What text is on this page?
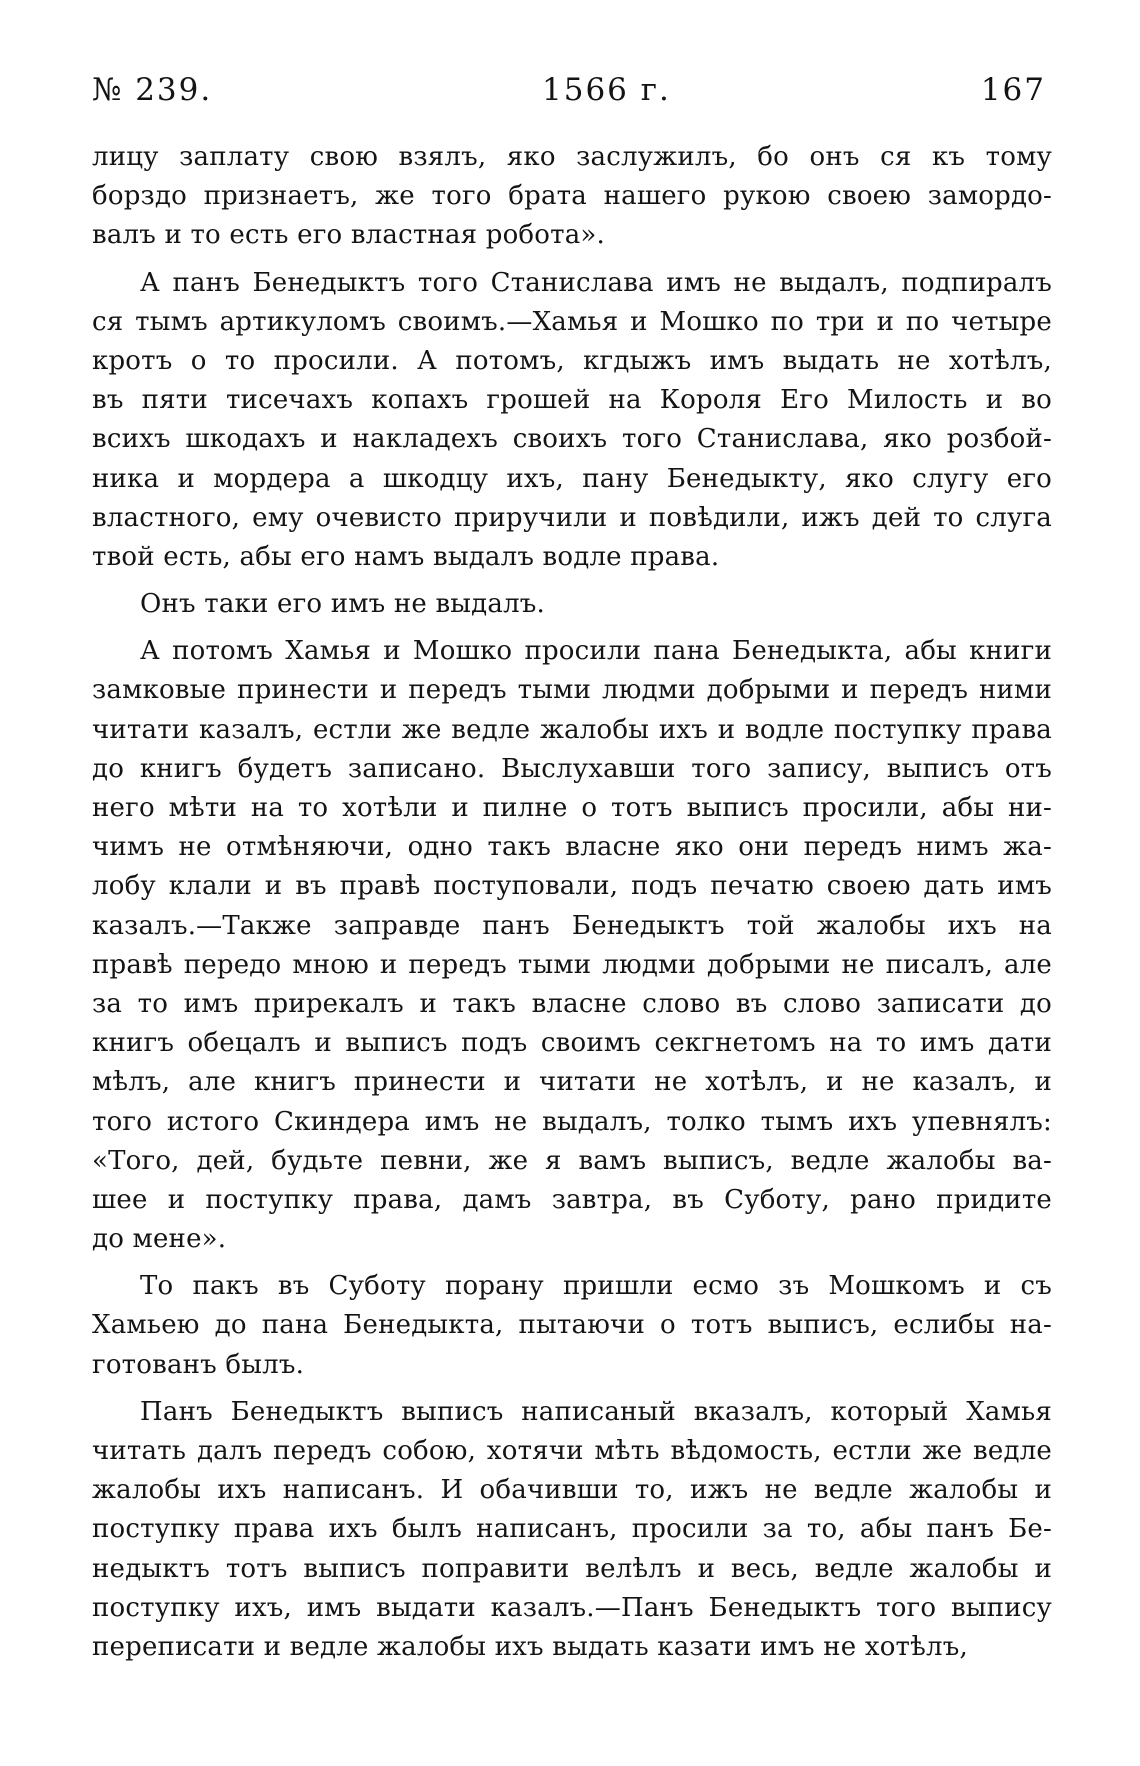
№ 239.	1566 г.	167
лицу заплату свою взялъ, яко заслужилъ, бо онъ ся къ тому
борздо признаетъ, же того брата нашего рукою своею замордо-
валъ и то есть его властная робота».
А панъ Бенедыктъ того Станислава имъ не выдалъ, подпиралъ
ся тымъ артикуломъ своимъ.—Хамья и Мошко по три и по четыре
кротъ о то просили. А потомъ, кгдыжъ имъ выдать не хотѣлъ,
въ пяти тисечахъ копахъ грошей на Короля Его Милость и во
всихъ шкодахъ и накладехъ своихъ того Станислава, яко розбой-
ника и мордера а шкодцу ихъ, пану Бенедыкту, яко слугу его
властного, ему очевисто приручили и повѣдили, ижъ дей то слуга
твой есть, абы его намъ выдалъ водле права.
Онъ таки его имъ не выдалъ.
А потомъ Хамья и Мошко просили пана Бенедыкта, абы книги
замковые принести и передъ тыми людми добрыми и передъ ними
читати казалъ, естли же ведле жалобы ихъ и водле поступку права
до книгъ будетъ записано. Выслухавши того запису, выписъ отъ
него мѣти на то хотѣли и пилне о тотъ выписъ просили, абы ни-
чимъ не отмѣняючи, одно такъ власне яко они передъ нимъ жа-
лобу клали и въ правѣ поступовали, подъ печатю своею дать имъ
казалъ.—Также заправде панъ Бенедыктъ той жалобы ихъ на
правѣ передо мною и передъ тыми людми добрыми не писалъ, але
за то имъ прирекалъ и такъ власне слово въ слово записати до
книгъ обецалъ и выписъ подъ своимъ секгнетомъ на то имъ дати
мѣлъ, але книгъ принести и читати не хотѣлъ, и не казалъ, и
того истого Скиндера имъ не выдалъ, толко тымъ ихъ упевнялъ:
«Того, дей, будьте певни, же я вамъ выписъ, ведле жалобы ва-
шее и поступку права, дамъ завтра, въ Суботу, рано придите
до мене».
То пакъ въ Суботу порану пришли есмо зъ Мошкомъ и съ
Хамьею до пана Бенедыкта, пытаючи о тотъ выписъ, еслибы на-
готованъ былъ.
Панъ Бенедыктъ выписъ написаный вказалъ, который Хамья
читать далъ передъ собою, хотячи мѣть вѣдомость, естли же ведле
жалобы ихъ написанъ. И обачивши то, ижъ не ведле жалобы и
поступку права ихъ былъ написанъ, просили за то, абы панъ Бе-
недыктъ тотъ выписъ поправити велѣлъ и весь, ведле жалобы и
поступку ихъ, имъ выдати казалъ.—Панъ Бенедыктъ того выпису
переписати и ведле жалобы ихъ выдать казати имъ не хотѣлъ,
